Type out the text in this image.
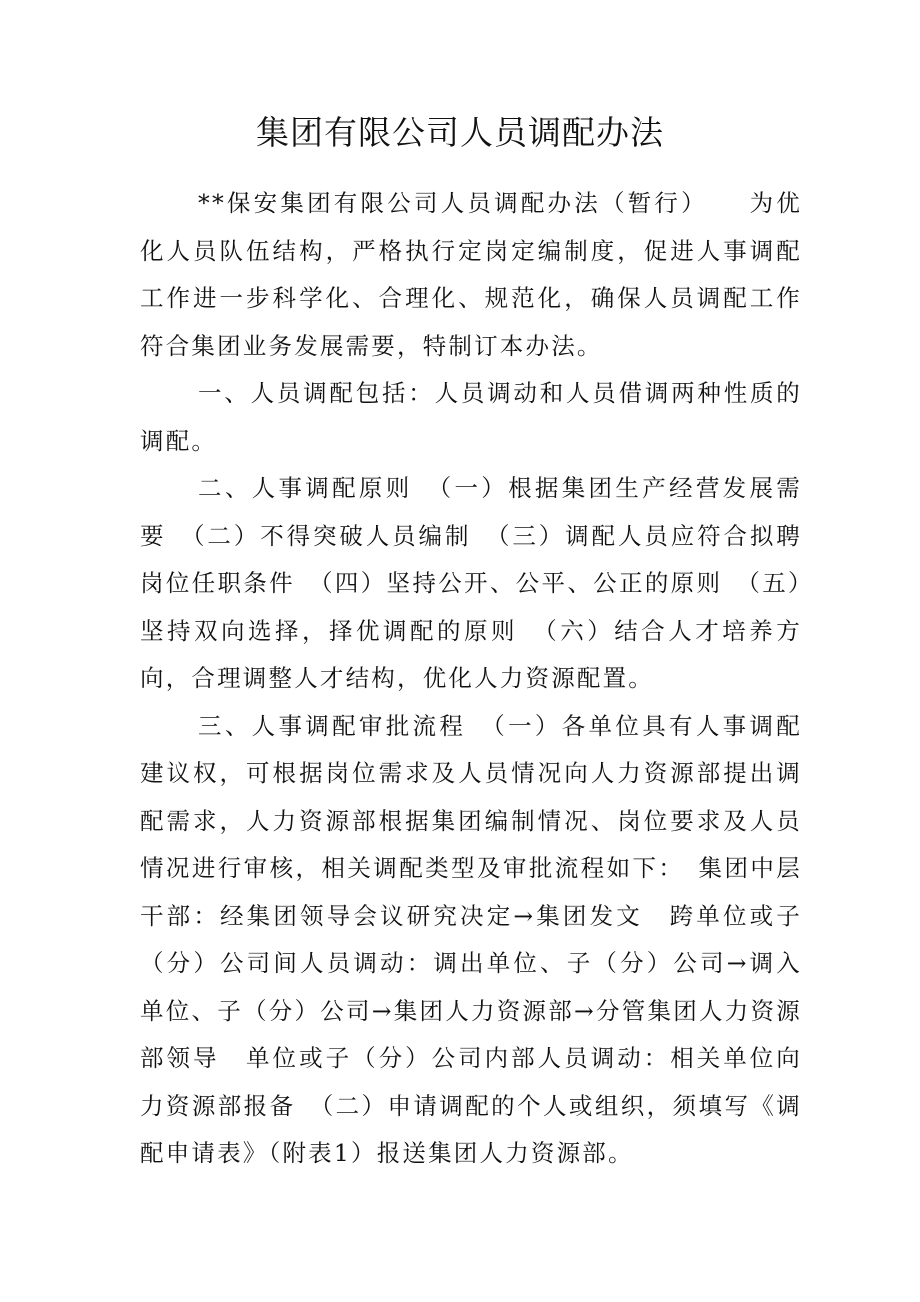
集团有限公司人员调配办法

**保安集团有限公司人员调配办法（暂行）　　为优化人员队伍结构，严格执行定岗定编制度，促进人事调配工作进一步科学化、合理化、规范化，确保人员调配工作符合集团业务发展需要，特制订本办法。

一、人员调配包括：人员调动和人员借调两种性质的调配。

二、人事调配原则　（一）根据集团生产经营发展需要　（二）不得突破人员编制　（三）调配人员应符合拟聘岗位任职条件　（四）坚持公开、公平、公正的原则　（五）坚持双向选择，择优调配的原则　（六）结合人才培养方向，合理调整人才结构，优化人力资源配置。

三、人事调配审批流程　（一）各单位具有人事调配建议权，可根据岗位需求及人员情况向人力资源部提出调配需求，人力资源部根据集团编制情况、岗位要求及人员情况进行审核，相关调配类型及审批流程如下：　集团中层干部：经集团领导会议研究决定→集团发文　跨单位或子（分）公司间人员调动：调出单位、子（分）公司→调入单位、子（分）公司→集团人力资源部→分管集团人力资源部领导　单位或子（分）公司内部人员调动：相关单位向力资源部报备　（二）申请调配的个人或组织，须填写《调配申请表》（附表1）报送集团人力资源部。
